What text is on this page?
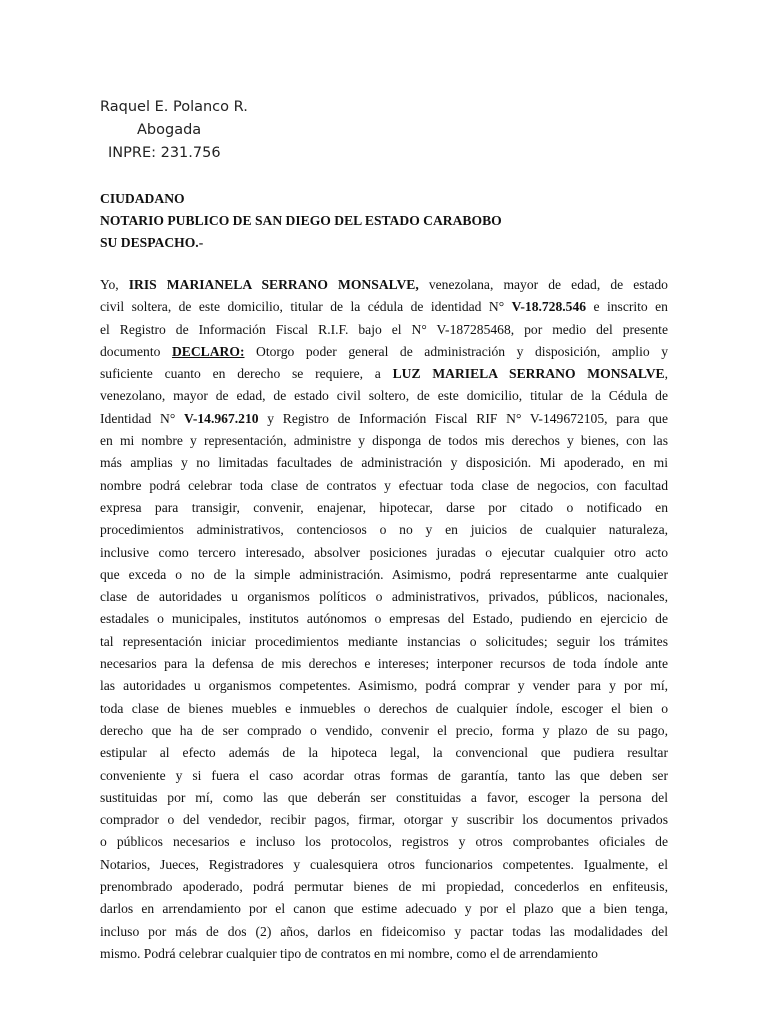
Raquel E. Polanco R.
Abogada
INPRE: 231.756
CIUDADANO
NOTARIO PUBLICO DE SAN DIEGO DEL ESTADO CARABOBO
SU DESPACHO.-
Yo, IRIS MARIANELA SERRANO MONSALVE, venezolana, mayor de edad, de estado
civil soltera, de este domicilio, titular de la cédula de identidad N° V-18.728.546 e inscrito en
el Registro de Información Fiscal R.I.F. bajo el N° V-187285468, por medio del presente
documento DECLARO: Otorgo poder general de administración y disposición, amplio y
suficiente cuanto en derecho se requiere, a LUZ MARIELA SERRANO MONSALVE,
venezolano, mayor de edad, de estado civil soltero, de este domicilio, titular de la Cédula de
Identidad N° V-14.967.210 y Registro de Información Fiscal RIF N° V-149672105, para que
en mi nombre y representación, administre y disponga de todos mis derechos y bienes, con las
más amplias y no limitadas facultades de administración y disposición. Mi apoderado, en mi
nombre podrá celebrar toda clase de contratos y efectuar toda clase de negocios, con facultad
expresa para transigir, convenir, enajenar, hipotecar, darse por citado o notificado en
procedimientos administrativos, contenciosos o no y en juicios de cualquier naturaleza,
inclusive como tercero interesado, absolver posiciones juradas o ejecutar cualquier otro acto
que exceda o no de la simple administración. Asimismo, podrá representarme ante cualquier
clase de autoridades u organismos políticos o administrativos, privados, públicos, nacionales,
estadales o municipales, institutos autónomos o empresas del Estado, pudiendo en ejercicio de
tal representación iniciar procedimientos mediante instancias o solicitudes; seguir los trámites
necesarios para la defensa de mis derechos e intereses; interponer recursos de toda índole ante
las autoridades u organismos competentes. Asimismo, podrá comprar y vender para y por mí,
toda clase de bienes muebles e inmuebles o derechos de cualquier índole, escoger el bien o
derecho que ha de ser comprado o vendido, convenir el precio, forma y plazo de su pago,
estipular al efecto además de la hipoteca legal, la convencional que pudiera resultar
conveniente y si fuera el caso acordar otras formas de garantía, tanto las que deben ser
sustituidas por mí, como las que deberán ser constituidas a favor, escoger la persona del
comprador o del vendedor, recibir pagos, firmar, otorgar y suscribir los documentos privados
o públicos necesarios e incluso los protocolos, registros y otros comprobantes oficiales de
Notarios, Jueces, Registradores y cualesquiera otros funcionarios competentes. Igualmente, el
prenombrado apoderado, podrá permutar bienes de mi propiedad, concederlos en enfiteusis,
darlos en arrendamiento por el canon que estime adecuado y por el plazo que a bien tenga,
incluso por más de dos (2) años, darlos en fideicomiso y pactar todas las modalidades del
mismo. Podrá celebrar cualquier tipo de contratos en mi nombre, como el de arrendamiento
